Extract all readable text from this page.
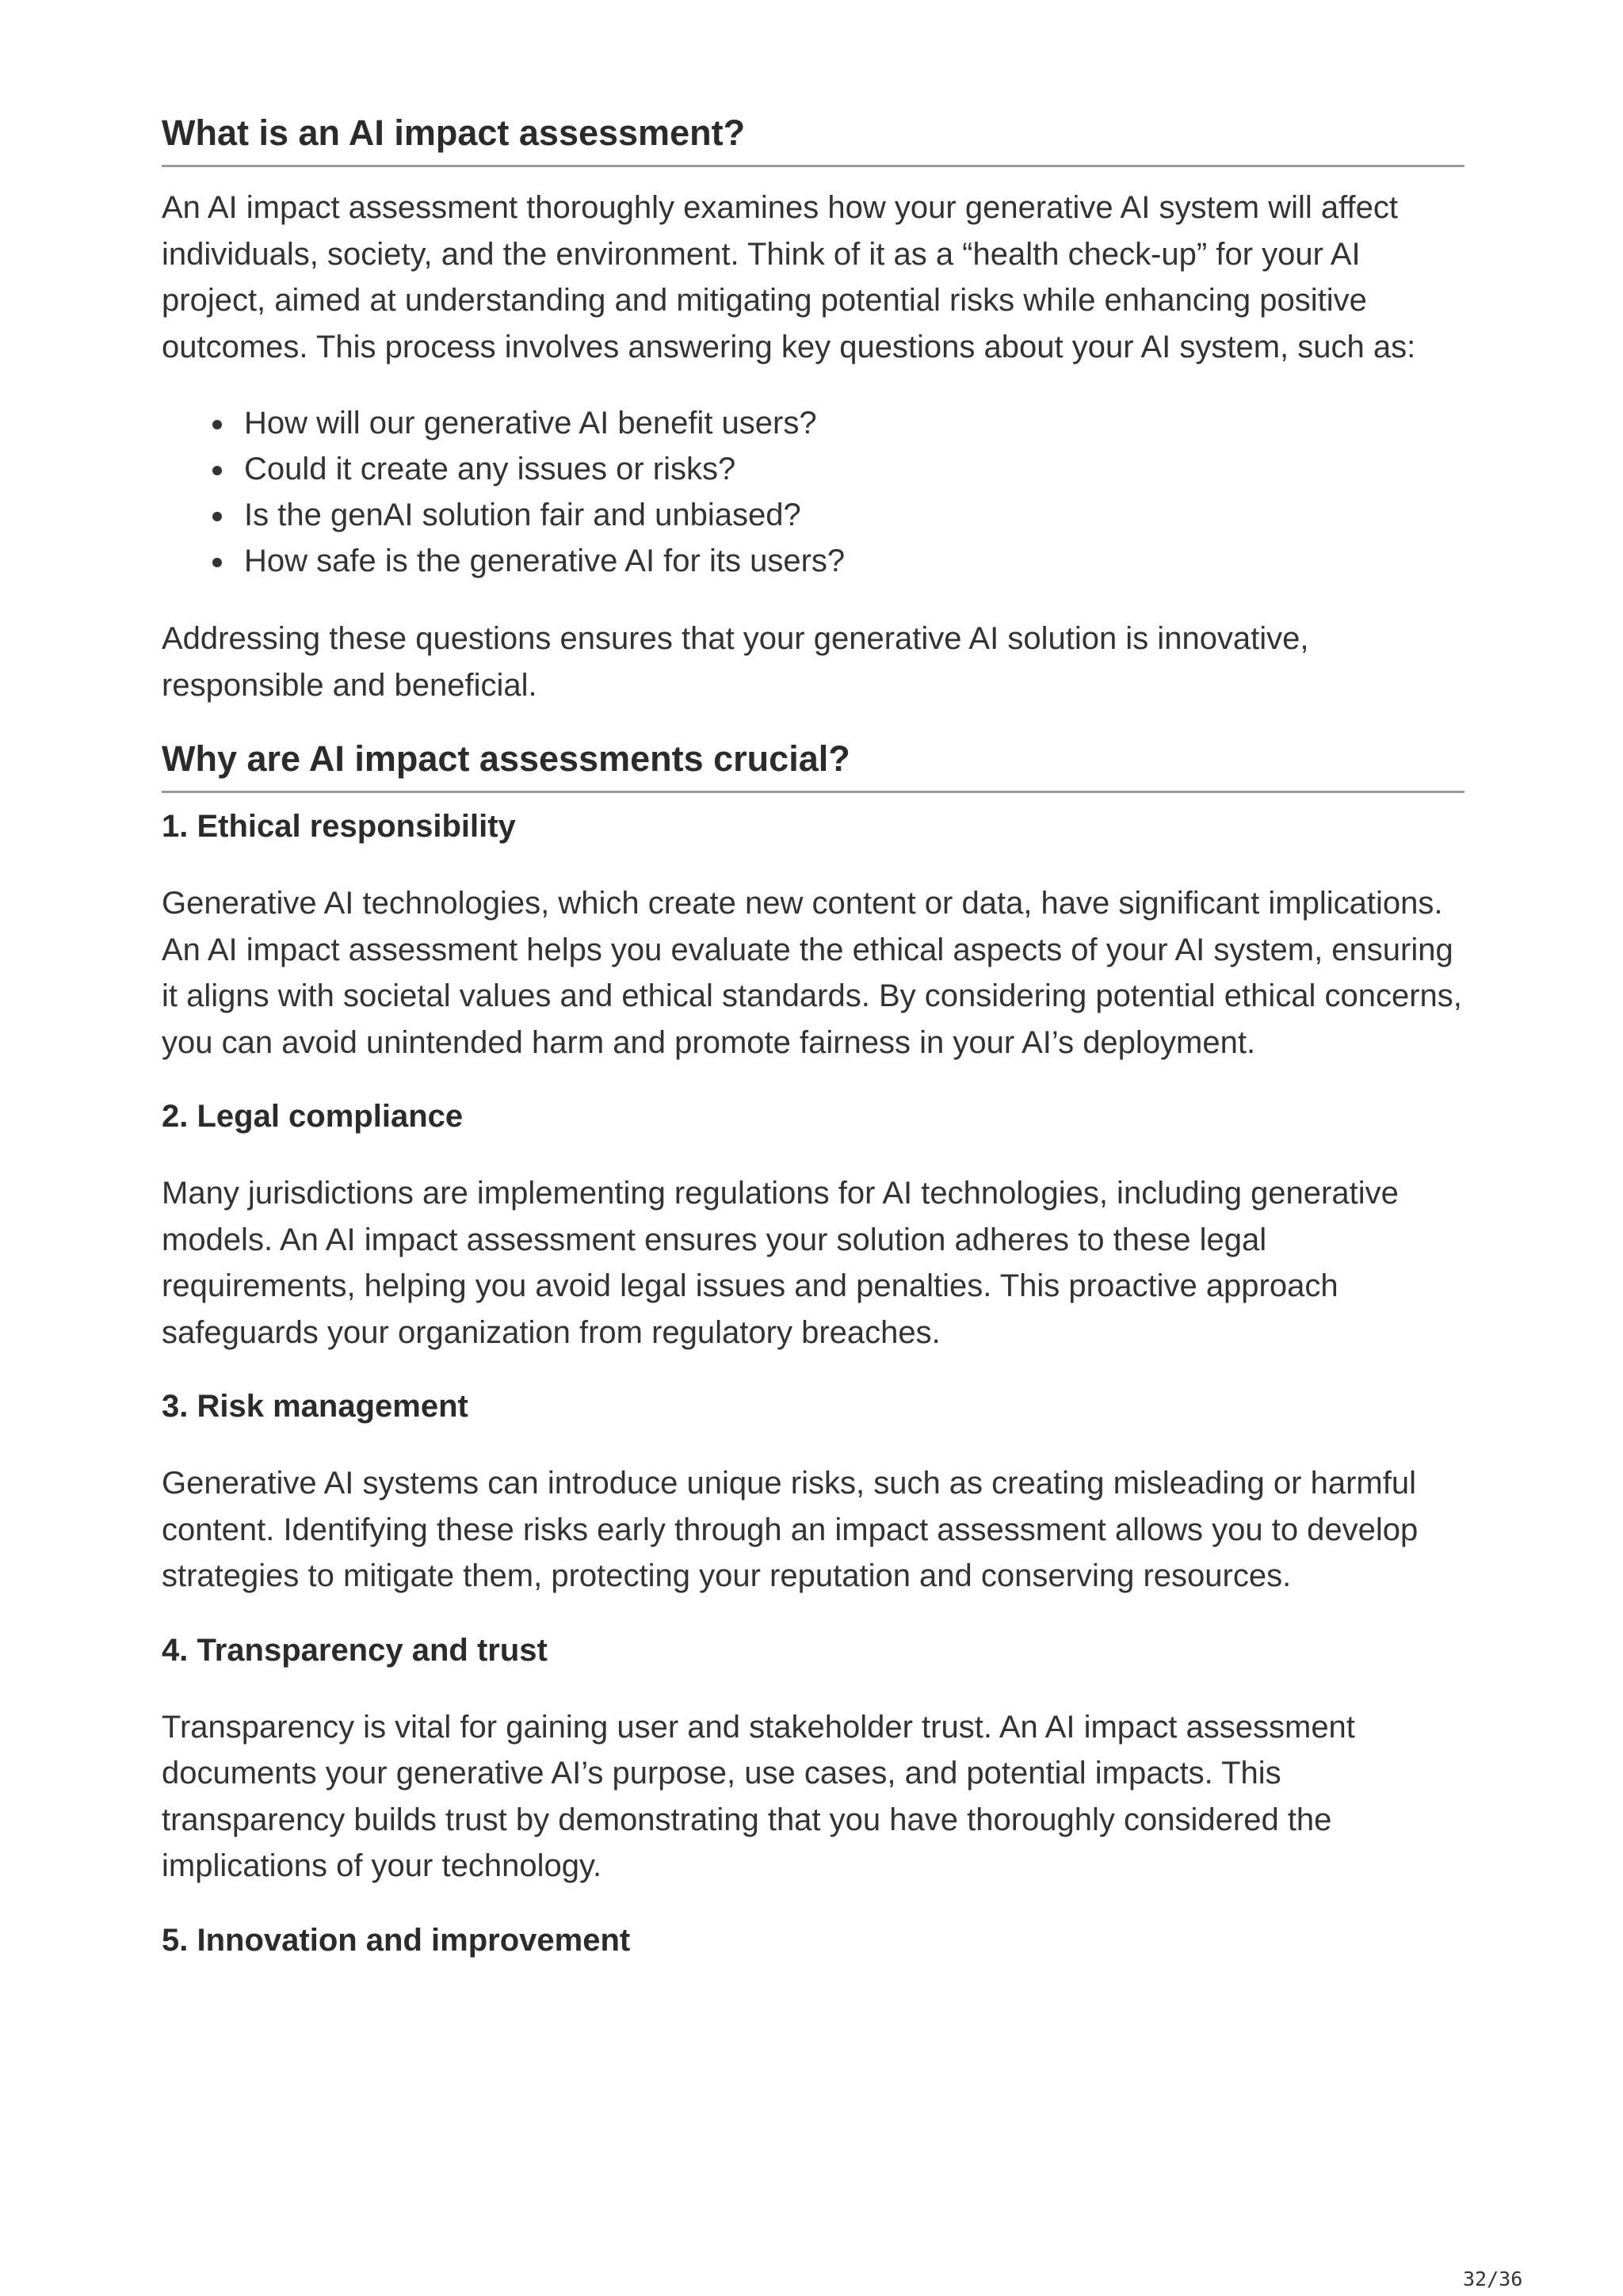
What is an AI impact assessment?

An AI impact assessment thoroughly examines how your generative AI system will affect individuals, society, and the environment. Think of it as a “health check-up” for your AI project, aimed at understanding and mitigating potential risks while enhancing positive outcomes. This process involves answering key questions about your AI system, such as:

How will our generative AI benefit users?
Could it create any issues or risks?
Is the genAI solution fair and unbiased?
How safe is the generative AI for its users?

Addressing these questions ensures that your generative AI solution is innovative, responsible and beneficial.

Why are AI impact assessments crucial?
1. Ethical responsibility

Generative AI technologies, which create new content or data, have significant implications. An AI impact assessment helps you evaluate the ethical aspects of your AI system, ensuring it aligns with societal values and ethical standards. By considering potential ethical concerns, you can avoid unintended harm and promote fairness in your AI’s deployment.

2. Legal compliance

Many jurisdictions are implementing regulations for AI technologies, including generative models. An AI impact assessment ensures your solution adheres to these legal requirements, helping you avoid legal issues and penalties. This proactive approach safeguards your organization from regulatory breaches.

3. Risk management

Generative AI systems can introduce unique risks, such as creating misleading or harmful content. Identifying these risks early through an impact assessment allows you to develop strategies to mitigate them, protecting your reputation and conserving resources.

4. Transparency and trust

Transparency is vital for gaining user and stakeholder trust. An AI impact assessment documents your generative AI’s purpose, use cases, and potential impacts. This transparency builds trust by demonstrating that you have thoroughly considered the implications of your technology.

5. Innovation and improvement
32/36
